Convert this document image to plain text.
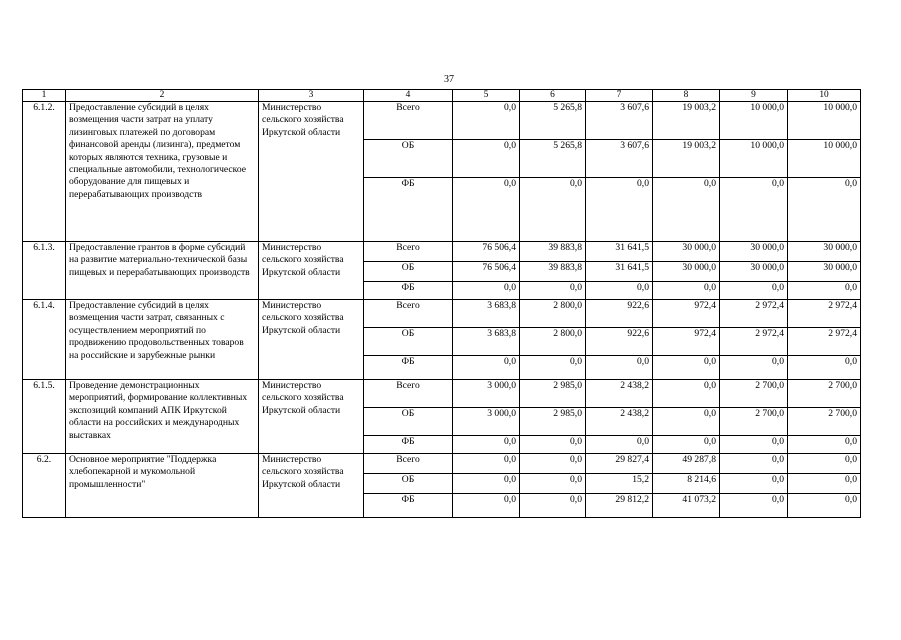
37
1	2	3	4	5	6	7	8	9	10
6.1.2.	Предоставление субсидий в целях возмещения части затрат на уплату лизинговых платежей по договорам финансовой аренды (лизинга), предметом которых являются техника, грузовые и специальные автомобили, технологическое оборудование для пищевых и перерабатывающих производств	Министерство сельского хозяйства Иркутской области	Всего	0,0	5 265,8	3 607,6	19 003,2	10 000,0	10 000,0
			ОБ	0,0	5 265,8	3 607,6	19 003,2	10 000,0	10 000,0
			ФБ	0,0	0,0	0,0	0,0	0,0	0,0
6.1.3.	Предоставление грантов в форме субсидий на развитие материально-технической базы пищевых и перерабатывающих производств	Министерство сельского хозяйства Иркутской области	Всего	76 506,4	39 883,8	31 641,5	30 000,0	30 000,0	30 000,0
			ОБ	76 506,4	39 883,8	31 641,5	30 000,0	30 000,0	30 000,0
			ФБ	0,0	0,0	0,0	0,0	0,0	0,0
6.1.4.	Предоставление субсидий в целях возмещения части затрат, связанных с осуществлением мероприятий по продвижению продовольственных товаров на российские и зарубежные рынки	Министерство сельского хозяйства Иркутской области	Всего	3 683,8	2 800,0	922,6	972,4	2 972,4	2 972,4
			ОБ	3 683,8	2 800,0	922,6	972,4	2 972,4	2 972,4
			ФБ	0,0	0,0	0,0	0,0	0,0	0,0
6.1.5.	Проведение демонстрационных мероприятий, формирование коллективных экспозиций компаний АПК Иркутской области на российских и международных выставках	Министерство сельского хозяйства Иркутской области	Всего	3 000,0	2 985,0	2 438,2	0,0	2 700,0	2 700,0
			ОБ	3 000,0	2 985,0	2 438,2	0,0	2 700,0	2 700,0
			ФБ	0,0	0,0	0,0	0,0	0,0	0,0
6.2.	Основное мероприятие "Поддержка хлебопекарной и мукомольной промышленности"	Министерство сельского хозяйства Иркутской области	Всего	0,0	0,0	29 827,4	49 287,8	0,0	0,0
			ОБ	0,0	0,0	15,2	8 214,6	0,0	0,0
			ФБ	0,0	0,0	29 812,2	41 073,2	0,0	0,0
